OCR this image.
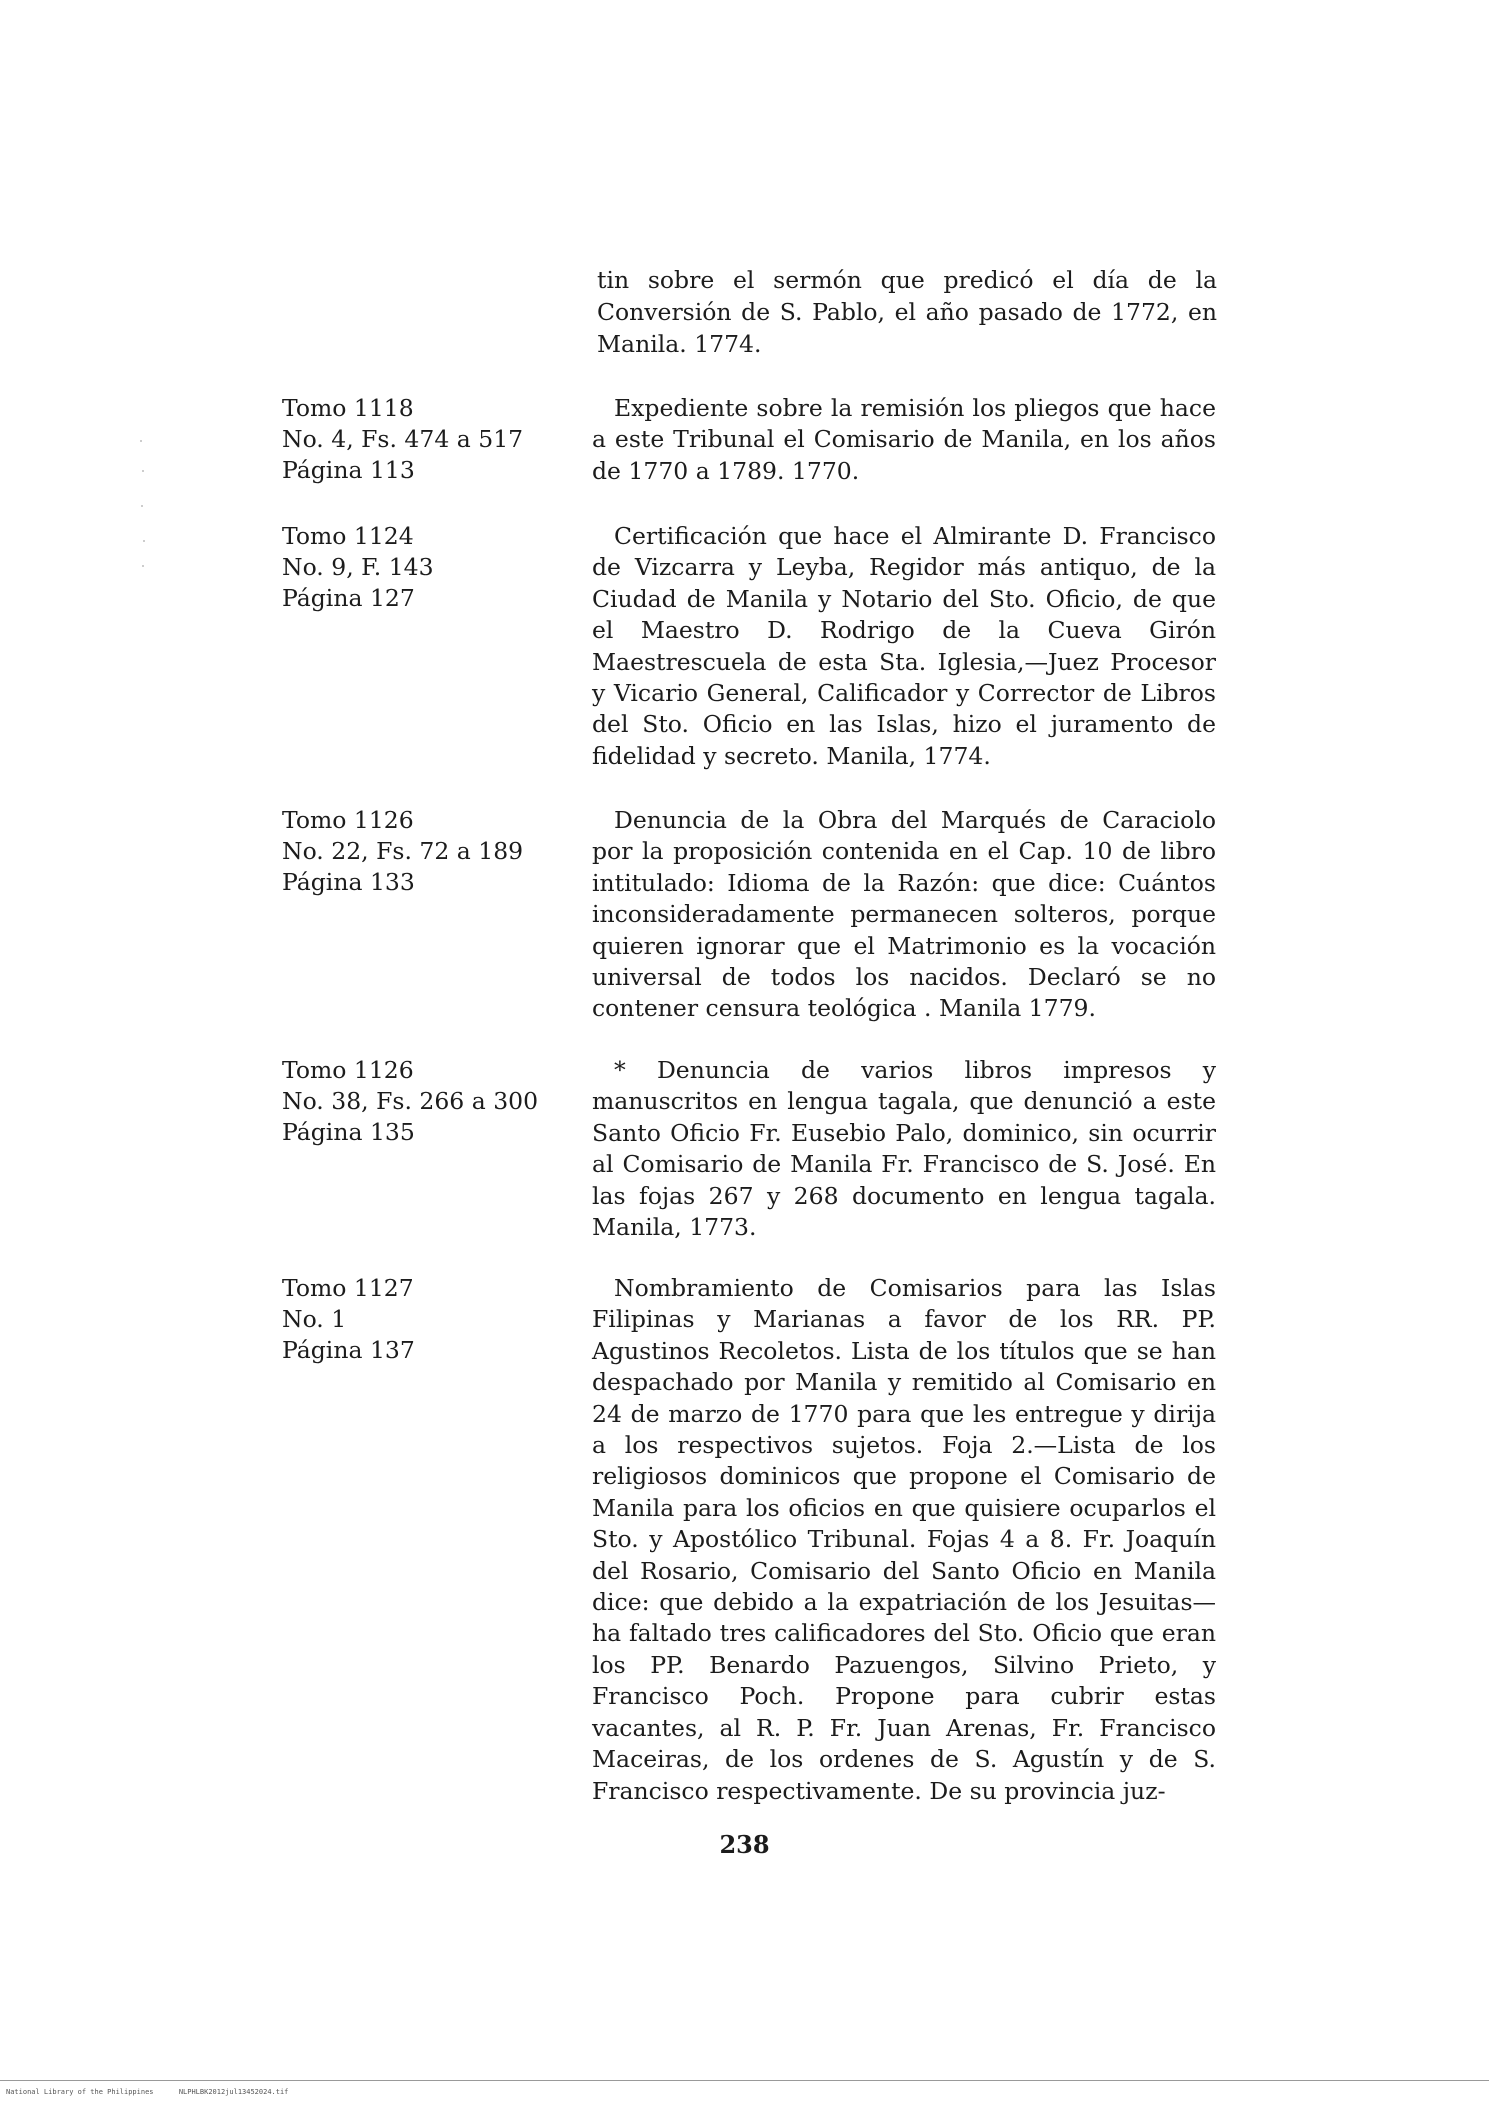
tin sobre el sermón que predicó el día de la Conversión de S. Pablo, el año pasado de 1772, en Manila. 1774.

Tomo 1118
No. 4, Fs. 474 a 517
Página 113

Expediente sobre la remisión los pliegos que hace a este Tribunal el Comisario de Manila, en los años de 1770 a 1789. 1770.

Tomo 1124
No. 9, F. 143
Página 127

Certificación que hace el Almirante D. Francisco de Vizcarra y Leyba, Regidor más antiquo, de la Ciudad de Manila y Notario del Sto. Oficio, de que el Maestro D. Rodrigo de la Cueva Girón Maestrescuela de esta Sta. Iglesia,—Juez Procesor y Vicario General, Calificador y Corrector de Libros del Sto. Oficio en las Islas, hizo el juramento de fidelidad y secreto. Manila, 1774.

Tomo 1126
No. 22, Fs. 72 a 189
Página 133

Denuncia de la Obra del Marqués de Caraciolo por la proposición contenida en el Cap. 10 de libro intitulado: Idioma de la Razón: que dice: Cuántos inconsideradamente permanecen solteros, porque quieren ignorar que el Matrimonio es la vocación universal de todos los nacidos. Declaró se no contener censura teológica . Manila 1779.

Tomo 1126
No. 38, Fs. 266 a 300
Página 135

* Denuncia de varios libros impresos y manuscritos en lengua tagala, que denunció a este Santo Oficio Fr. Eusebio Palo, dominico, sin ocurrir al Comisario de Manila Fr. Francisco de S. José. En las fojas 267 y 268 documento en lengua tagala. Manila, 1773.

Tomo 1127
No. 1
Página 137

Nombramiento de Comisarios para las Islas Filipinas y Marianas a favor de los RR. PP. Agustinos Recoletos. Lista de los títulos que se han despachado por Manila y remitido al Comisario en 24 de marzo de 1770 para que les entregue y dirija a los respectivos sujetos. Foja 2.—Lista de los religiosos dominicos que propone el Comisario de Manila para los oficios en que quisiere ocuparlos el Sto. y Apostólico Tribunal. Fojas 4 a 8. Fr. Joaquín del Rosario, Comisario del Santo Oficio en Manila dice: que debido a la expatriación de los Jesuitas—ha faltado tres calificadores del Sto. Oficio que eran los PP. Benardo Pazuengos, Silvino Prieto, y Francisco Poch. Propone para cubrir estas vacantes, al R. P. Fr. Juan Arenas, Fr. Francisco Maceiras, de los ordenes de S. Agustín y de S. Francisco respectivamente. De su provincia juz-

238
National Library of the Philippines	NLPHLBK2012jul13452024.tif
